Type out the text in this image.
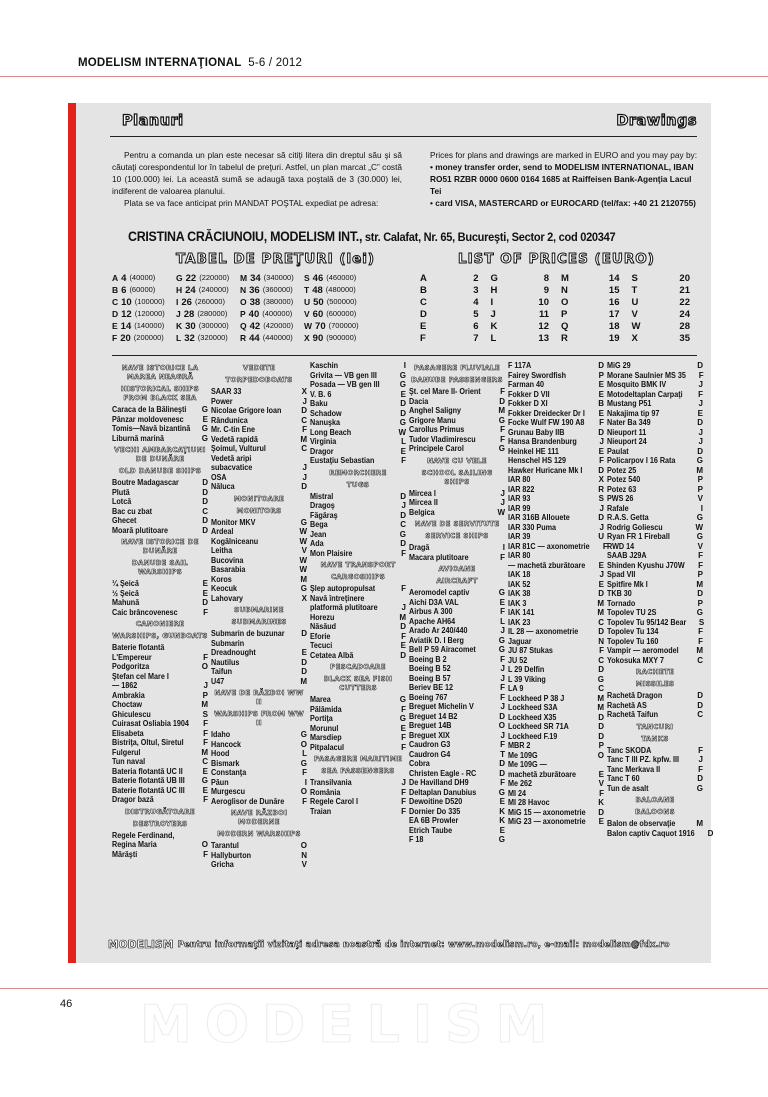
MODELISM INTERNAŢIONAL 5-6 / 2012
Planuri	Drawings

Pentru a comanda un plan este necesar să citiţi litera din dreptul său şi să căutaţi corespondentul lor în tabelul de preţuri. Astfel, un plan marcat „C” costă 10 (100.000) lei. La această sumă se adaugă taxa poştală de 3 (30.000) lei, indiferent de valoarea planului.

Plata se va face anticipat prin MANDAT POŞTAL expediat pe adresa:

Prices for plans and drawings are marked in EURO and you may pay by:
• money transfer order, send to MODELISM INTERNATIONAL, IBAN RO51 RZBR 0000 0600 0164 1685 at Raiffeisen Bank-Agenţia Lacul Tei
• card VISA, MASTERCARD or EUROCARD (tel/fax: +40 21 2120755)
CRISTINA CRĂCIUNOIU, MODELISM INT., str. Calafat, Nr. 65, Bucureşti, Sector 2, cod 020347
TABEL DE PREŢURI (lei)	LIST OF PRICES (EURO)
A 4 (40000) G 22 (220000) M 34 (340000) S 46 (460000)
B 6 (60000) H 24 (240000) N 36 (360000) T 48 (480000)
C 10 (100000) I 26 (260000) O 38 (380000) U 50 (500000)
D 12 (120000) J 28 (280000) P 40 (400000) V 60 (600000)
E 14 (140000) K 30 (300000) Q 42 (420000) W 70 (700000)
F 20 (200000) L 32 (320000) R 44 (440000) X 90 (900000)
A	2 G	8 M	14 S	20
B	3 H	9 N	15 T	21
C	4 I	10 O	16 U	22
D	5 J	11 P	17 V	24
E	6 K	12 Q	18 W	28
F	7 L	13 R	19 X	35
NAVE ISTORICE LA MAREA NEAGRĂ
HISTORICAL SHIPS FROM BLACK SEA
Caraca de la Bălineşti	G
Pânzar moldovenesc	E
Tomis—Navă bizantină	G
Liburnă marină	G
VECHI AMBARCAŢIUNI DE DUNĂRE
OLD DANUBE SHIPS
Boutre Madagascar	D
Plută	D
Lotcă	D
Bac cu zbat	C
Ghecet	D
Moară plutitoare	D
NAVE ISTORICE DE DUNĂRE
DANUBE SAIL WARSHIPS
¼ Şeică	E
½ Şeică	E
Mahună	D
Caic brâncovenesc	F
CANONIERE
WARSHIPS, GUNBOATS
Baterie flotantă
L'Empereur	F
Podgoritza	O
Ştefan cel Mare I
— 1862	J
Ambrakia	P
Choctaw	M
Ghiculescu	S
Cuirasat Osliabia 1904	F
Elisabeta	F
Bistriţa, Oltul, Siretul	F
Fulgerul	M
Tun naval	C
Bateria flotantă UC II	E
Baterie flotantă UB III	G
Baterie flotantă UC III	E
Dragor bază	F
DISTRUGĂTOARE
DESTROYERS
Regele Ferdinand,
Regina Maria	O
Mărăşti	F
VEDETE
TORPEDOBOATS
SAAR 33	X
Power	J
Nicolae Grigore Ioan	D
Rândunica	C
Mr. C-tin Ene	F
Vedetă rapidă	M
Şoimul, Vulturul	C
Vedetă aripi
subacvatice	J
OSA	J
Năluca	D
MONITOARE
MONITORS
Monitor MKV	G
Ardeal	W
Kogălniceanu	W
Leitha	V
Bucovina	W
Basarabia	W
Koros	M
Keocuk	G
Lahovary	X
SUBMARINE
SUBMARINES
Submarin de buzunar	D
Submarin
Dreadnought	E
Nautilus	D
Taifun	D
U47	M
NAVE DE RĂZBOI WW II
WARSHIPS FROM WW II
Idaho	G
Hancock	O
Hood	L
Bismark	G
Constanţa	F
Păun	I
Murgescu	O
Aeroglisor de Dunăre	F
NAVE RĂZBOI MODERNE
MODERN WARSHIPS
Tarantul	O
Hallyburton	N
Gricha	V
Kaschin	I
Grivita — VB gen III	G
Posada — VB gen III	G
V. B. 6	E
Baku	D
Schadow	D
Nanuşka	G
Long Beach	W
Virginia	L
Dragor	E
Eustaţiu Sebastian	F
REMORCHERE
TUGS
Mistral	D
Dragoş	J
Făgăraş	D
Bega	C
Jean	G
Ada	D
Mon Plaisire	F
NAVE TRANSPORT
CARGOSHIPS
Şlep autopropulsat	F
Navă întreţinere
platformă plutitoare	J
Horezu	M
Năsăud	D
Eforie	F
Tecuci	E
Cetatea Albă	D
PESCADOARE
BLACK SEA FISH CUTTERS
Marea	G
Pălămida	F
Portiţa	G
Morunul	E
Marsdiep	F
Pitpalacul	F
PASAGERE MARITIME
SEA PASSENGERS
Transilvania	J
România	F
Regele Carol I	F
Traian	F
PASAGERE FLUVIALE
DANUBE PASSENGERS
Şt. cel Mare II- Orient	F
Dacia	D
Anghel Saligny	M
Grigore Manu	G
Carollus Primus	F
Tudor Vladimirescu	F
Principele Carol	G
NAVE CU VELE
SCHOOL SAILING SHIPS
Mircea I	J
Mircea II	J
Belgica	W
NAVE DE SERVITUTE
SERVICE SHIPS
Dragă	I
Macara plutitoare	F
AVIOANE
AIRCRAFT
Aeromodel captiv	G
Aichi D3A VAL	E
Airbus A 300	F
Apache AH64	L
Arado Ar 240/440	J
Aviatik D. I Berg	G
Bell P 59 Airacomet	G
Boeing B 2	F
Boeing B 52	J
Boeing B 57	J
Beriev BE 12	F
Boeing 767	F
Breguet Michelin V	J
Breguet 14 B2	D
Breguet 14B	O
Breguet XIX	J
Caudron G3	F
Caudron G4	T
Cobra	D
Christen Eagle - RC	D
De Havilland DH9	F
Deltaplan Danubius	G
Dewoitine D520	E
Dornier Do 335	K
EA 6B Prowler	K
Etrich Taube	E
F 18	G
F 117A	D
Fairey Swordfish	P
Farman 40	E
Fokker D VII	E
Fokker D XI	B
Fokker Dreidecker Dr I	E
Focke Wulf FW 190 A8	F
Grunau Baby IIB	D
Hansa Brandenburg	J
Heinkel HE 111	E
Henschel HS 129	F
Hawker Huricane Mk I	D
IAR 80	X
IAR 822	R
IAR 93	S
IAR 99	J
IAR 316B Allouete	D
IAR 330 Puma	J
IAR 39	U
IAR 81C — axonometrie	F
IAR 80
— machetă zburătoare	E
IAK 18	J
IAK 52	E
IAK 38	D
IAK 3	M
IAK 141	M
IAK 23	C
IL 28 — axonometrie	D
Jaguar	N
JU 87 Stukas	F
JU 52	C
L 29 Delfin	D
L 39 Viking	G
LA 9	C
Lockheed P 38 J	M
Lockheed S3A	M
Lockheed X35	D
Lockheed SR 71A	D
Lockheed F.19	D
MBR 2	P
Me 109G	O
Me 109G —
machetă zburătoare	E
Me 262	V
MI 24	F
MI 28 Havoc	K
MiG 15 — axonometrie	D
MiG 23 — axonometrie	E
MiG 29	D
Morane Saulnier MS 35	F
Mosquito BMK IV	J
Motodeltaplan Carpaţi	F
Mustang P51	J
Nakajima tip 97	E
Nater Ba 349	D
Nieuport 11	J
Nieuport 24	J
Paulat	D
Policarpov I 16 Rata	G
Potez 25	M
Potez 540	P
Potez 63	P
PWS 26	V
Rafale	I
R.A.S. Getta	G
Rodrig Goliescu	W
Ryan FR 1 Fireball	G
RWD 14	V
SAAB J29A	F
Shinden Kyushu J70W	F
Spad VII	P
Spitfire Mk I	M
TKB 30	D
Tornado	P
Topolev TU 2S	G
Topolev Tu 95/142 Bear	S
Topolev Tu 134	F
Topolev Tu 160	F
Vampir — aeromodel M
Yokosuka MXY 7	C
RACHETE
MISSILES
Rachetă Dragon	D
Rachetă AS	D
Rachetă Taifun	C
TANCURI
TANKS
Tanc SKODA	F
Tanc T III PZ. kpfw. III	J
Tanc Merkava II	F
Tanc T 60	D
Tun de asalt	G
BALOANE
BALOONS
Balon de observaţie	M
Balon captiv Caquot 1916	D
MODELISM Pentru informaţii vizitaţi adresa noastră de internet: www.modelism.ro, e-mail: modelism@fdx.ro
46 MODELISM
